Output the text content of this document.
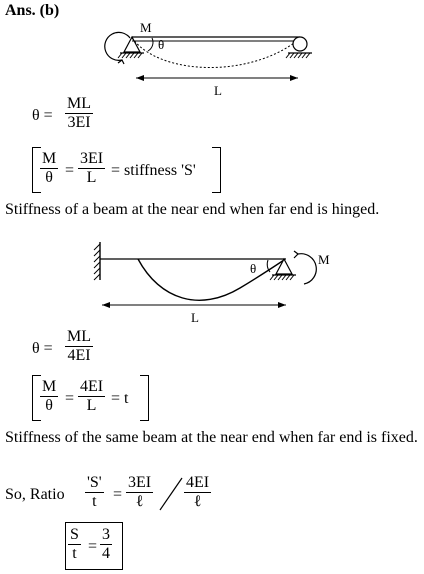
Ans. (b)
M
θ
L
θ =
ML
3EI
M
θ =
3EI
L = stiffness 'S'
Stiffness of a beam at the near end when far end is hinged.
θ
M
L
θ =
ML
4EI
M
θ =
4EI
L = t
Stiffness of the same beam at the near end when far end is fixed.
So, Ratio
'S'
t =
3EI
ℓ
4EI
ℓ
S
t =
3
4
